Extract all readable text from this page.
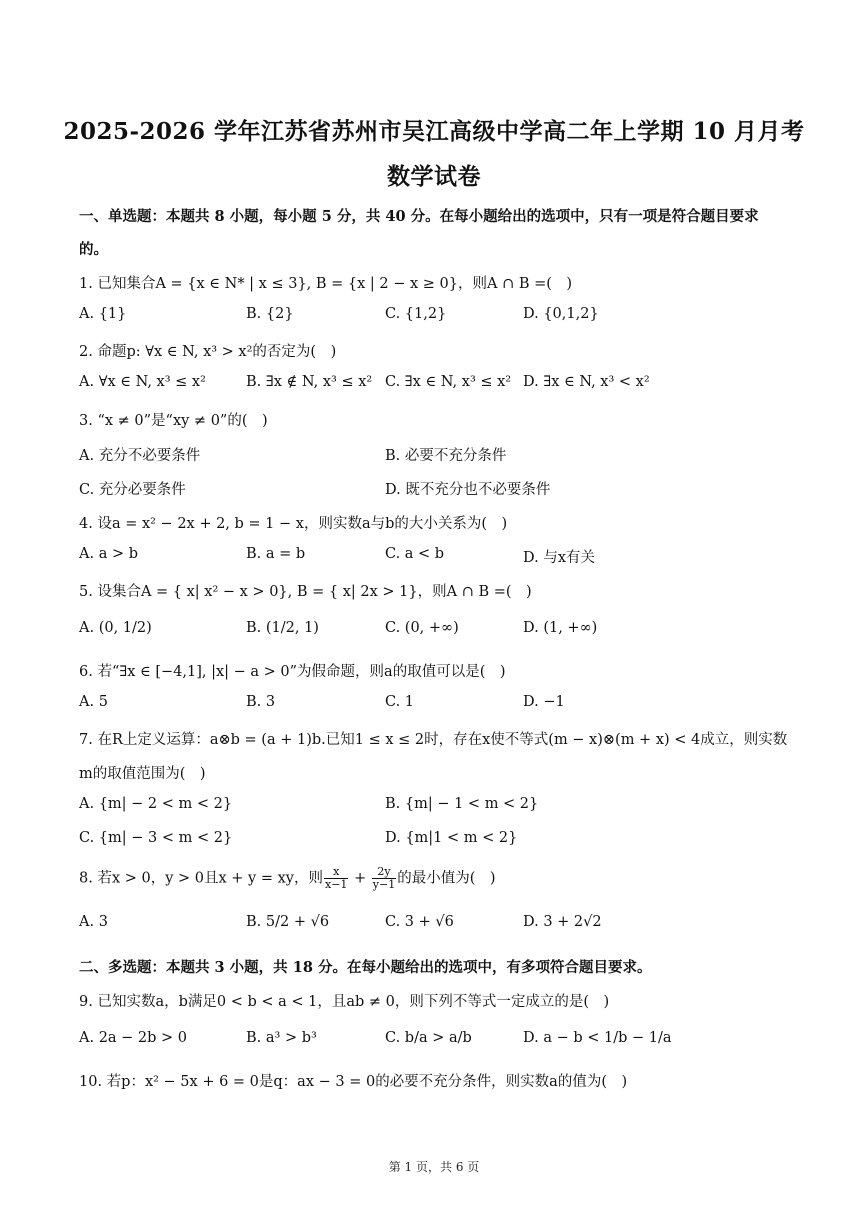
2025-2026 学年江苏省苏州市吴江高级中学高二年上学期 10 月月考
数学试卷
一、单选题：本题共 8 小题，每小题 5 分，共 40 分。在每小题给出的选项中，只有一项是符合题目要求
的。
1. 已知集合A = {x ∈ N* | x ≤ 3}, B = {x | 2 − x ≥ 0}，则A ∩ B =(　)
A. {1}	B. {2}	C. {1,2}	D. {0,1,2}
2. 命题p: ∀x ∈ N, x³ > x²的否定为(　)
A. ∀x ∈ N, x³ ≤ x²	B. ∃x ∉ N, x³ ≤ x² C. ∃x ∈ N, x³ ≤ x² D. ∃x ∈ N, x³ < x²
3. “x ≠ 0”是“xy ≠ 0”的(　)
A. 充分不必要条件	B. 必要不充分条件
C. 充分必要条件	D. 既不充分也不必要条件
4. 设a = x² − 2x + 2, b = 1 − x，则实数a与b的大小关系为(　)
A. a > b	B. a = b	C. a < b	D. 与x有关
5. 设集合A = { x| x² − x > 0}, B = { x| 2x > 1}，则A ∩ B =(　)
A. (0, 1/2)	B. (1/2, 1)	C. (0, +∞)	D. (1, +∞)
6. 若“∃x ∈ [−4,1], |x| − a > 0”为假命题，则a的取值可以是(　)
A. 5	B. 3	C. 1	D. −1
7. 在R上定义运算：a⊗b = (a + 1)b.已知1 ≤ x ≤ 2时，存在x使不等式(m − x)⊗(m + x) < 4成立，则实数
m的取值范围为(　)
A. {m| − 2 < m < 2}	B. {m| − 1 < m < 2}
C. {m| − 3 < m < 2}	D. {m|1 < m < 2}
8. 若x > 0，y > 0且x + y = xy，则 $\frac{x}{x-1} + \frac{2y}{y-1}$ 的最小值为(　)
A. 3	B. 5/2 + √6	C. 3 + √6	D. 3 + 2√2
二、多选题：本题共 3 小题，共 18 分。在每小题给出的选项中，有多项符合题目要求。
9. 已知实数a，b满足0 < b < a < 1，且ab ≠ 0，则下列不等式一定成立的是(　)
A. 2a − 2b > 0	B. a³ > b³	C. b/a > a/b	D. a − b < 1/b − 1/a
10. 若p：x² − 5x + 6 = 0是q：ax − 3 = 0的必要不充分条件，则实数a的值为(　)
第 1 页，共 6 页
